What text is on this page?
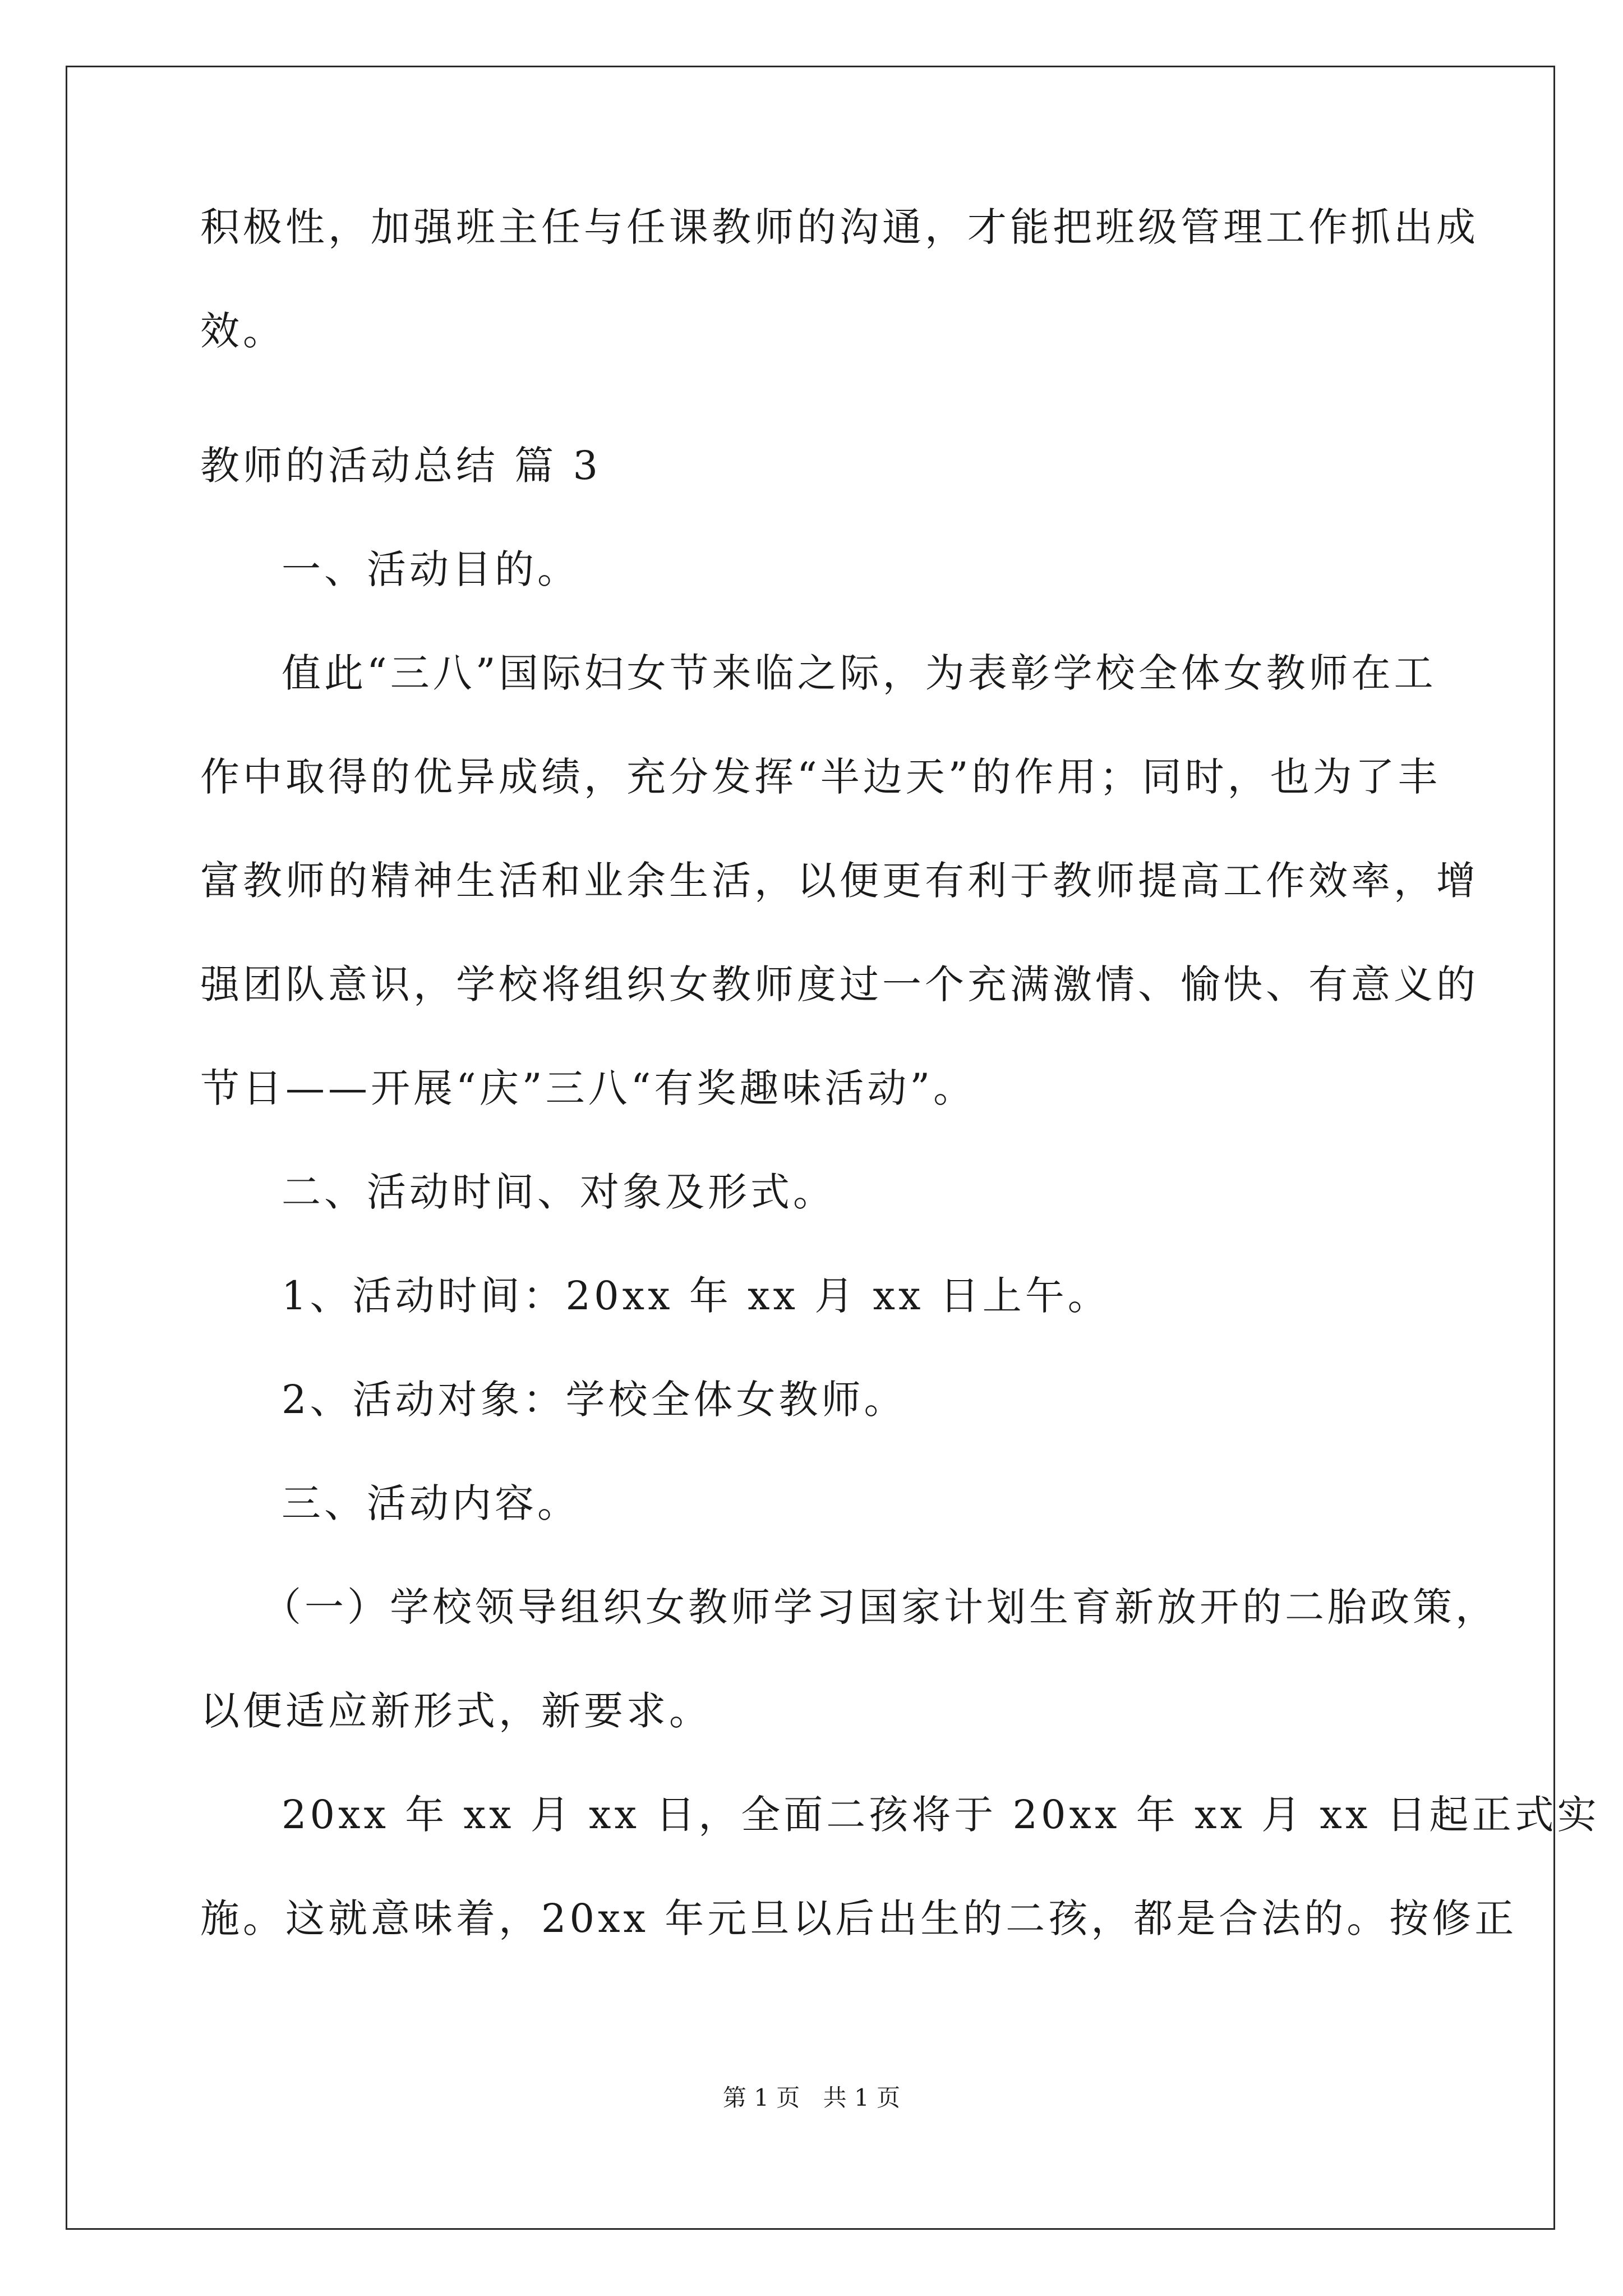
积极性，加强班主任与任课教师的沟通，才能把班级管理工作抓出成
效。
教师的活动总结 篇 3
一、活动目的。
值此“三八”国际妇女节来临之际，为表彰学校全体女教师在工
作中取得的优异成绩，充分发挥“半边天”的作用；同时，也为了丰
富教师的精神生活和业余生活，以便更有利于教师提高工作效率，增
强团队意识，学校将组织女教师度过一个充满激情、愉快、有意义的
节日——开展“庆”三八“有奖趣味活动”。
二、活动时间、对象及形式。
1、活动时间：20xx 年 xx 月 xx 日上午。
2、活动对象：学校全体女教师。
三、活动内容。
（一）学校领导组织女教师学习国家计划生育新放开的二胎政策，
以便适应新形式，新要求。
20xx 年 xx 月 xx 日，全面二孩将于 20xx 年 xx 月 xx 日起正式实
施。这就意味着，20xx 年元旦以后出生的二孩，都是合法的。按修正
第 1 页 共 1 页
